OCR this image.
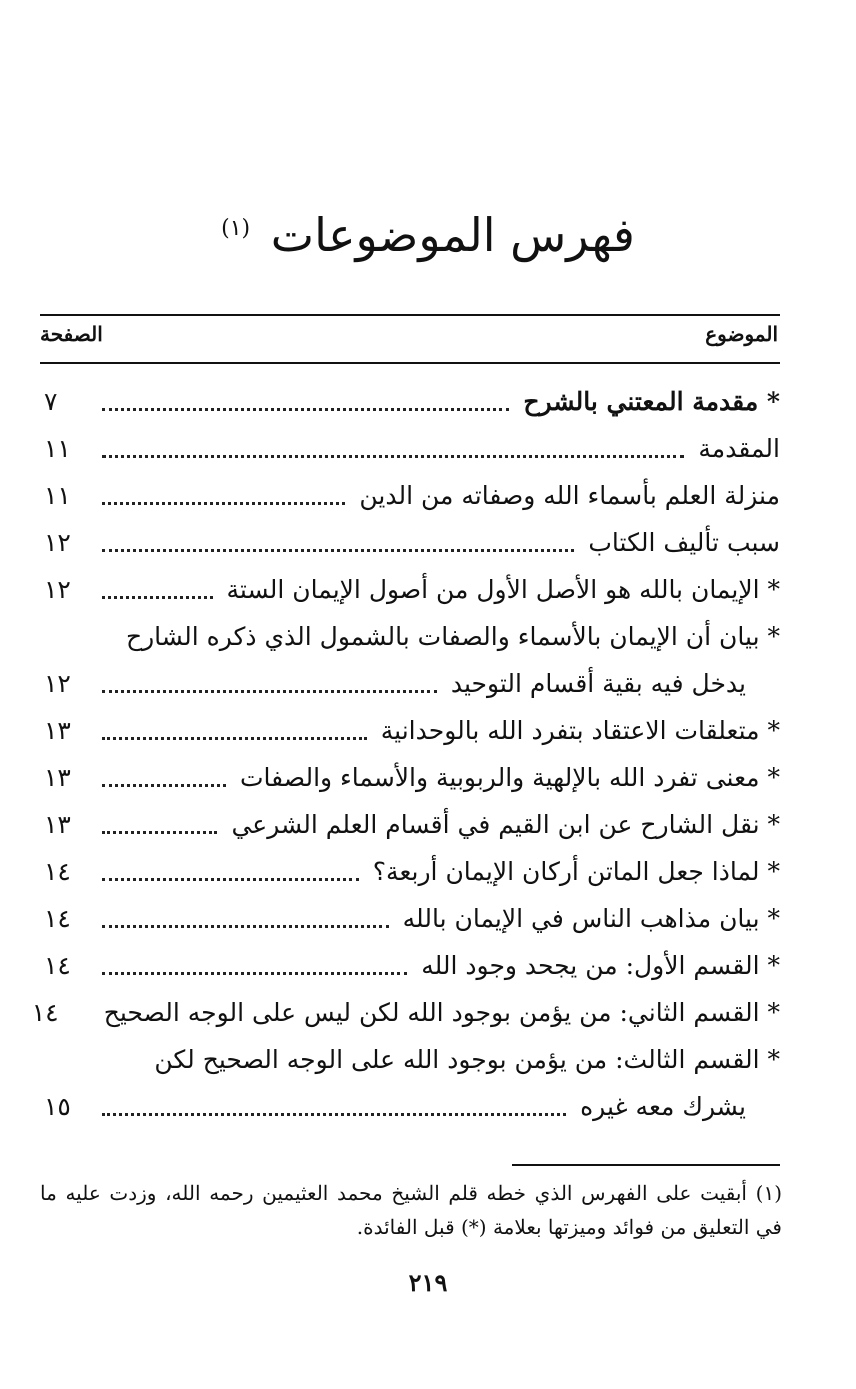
فهرس الموضوعات $^{(١)}$
الموضوع
الصفحة
* مقدمة المعتني بالشرح
٧
المقدمة
١١
منزلة العلم بأسماء الله وصفاته من الدين
١١
سبب تأليف الكتاب
١٢
* الإيمان بالله هو الأصل الأول من أصول الإيمان الستة
١٢
* بيان أن الإيمان بالأسماء والصفات بالشمول الذي ذكره الشارح
يدخل فيه بقية أقسام التوحيد
١٢
* متعلقات الاعتقاد بتفرد الله بالوحدانية
١٣
* معنى تفرد الله بالإلهية والربوبية والأسماء والصفات
١٣
* نقل الشارح عن ابن القيم في أقسام العلم الشرعي
١٣
* لماذا جعل الماتن أركان الإيمان أربعة؟
١٤
* بيان مذاهب الناس في الإيمان بالله
١٤
* القسم الأول: من يجحد وجود الله
١٤
* القسم الثاني: من يؤمن بوجود الله لكن ليس على الوجه الصحيح
١٤
* القسم الثالث: من يؤمن بوجود الله على الوجه الصحيح لكن
يشرك معه غيره
١٥
(١) أبقيت على الفهرس الذي خطه قلم الشيخ محمد العثيمين رحمه الله، وزدت عليه ما في التعليق من فوائد وميزتها بعلامة (*) قبل الفائدة.
٢١٩
